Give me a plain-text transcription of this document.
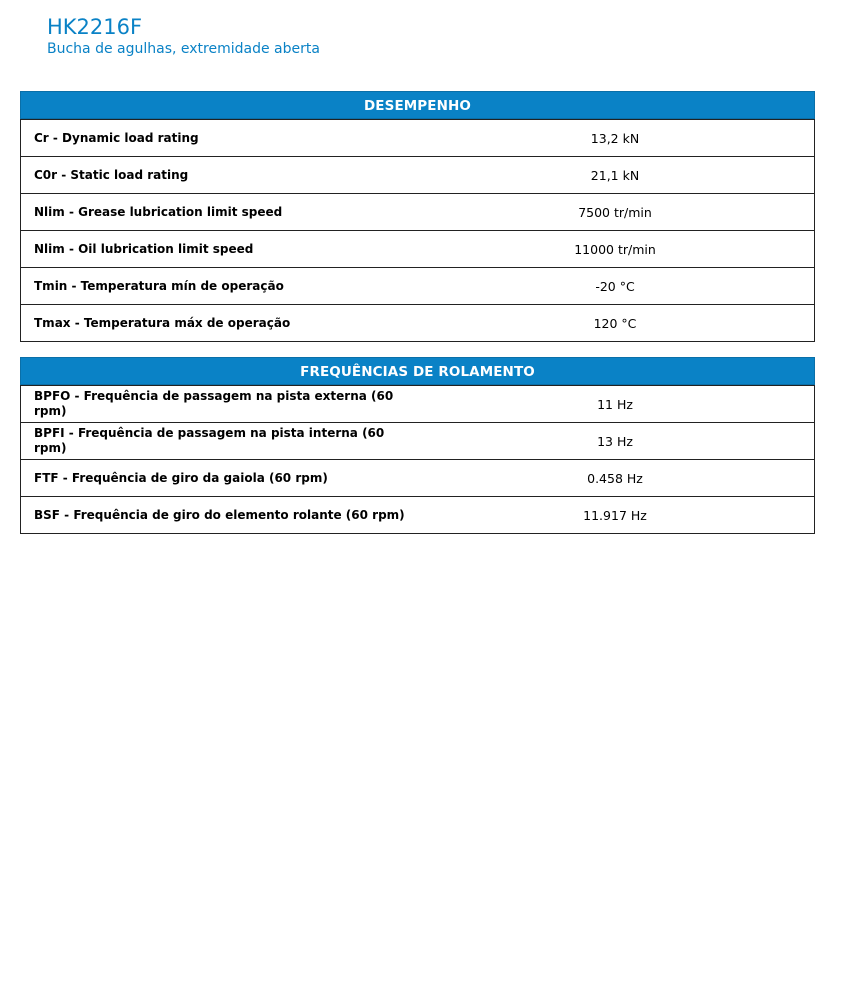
HK2216F
Bucha de agulhas, extremidade aberta
DESEMPENHO
Cr - Dynamic load rating	13,2 kN
C0r - Static load rating	21,1 kN
Nlim - Grease lubrication limit speed	7500 tr/min
Nlim - Oil lubrication limit speed	11000 tr/min
Tmin - Temperatura mín de operação	-20 °C
Tmax - Temperatura máx de operação	120 °C
FREQUÊNCIAS DE ROLAMENTO
BPFO - Frequência de passagem na pista externa (60 rpm)	11 Hz
BPFI - Frequência de passagem na pista interna (60 rpm)	13 Hz
FTF - Frequência de giro da gaiola (60 rpm)	0.458 Hz
BSF - Frequência de giro do elemento rolante (60 rpm)	11.917 Hz
